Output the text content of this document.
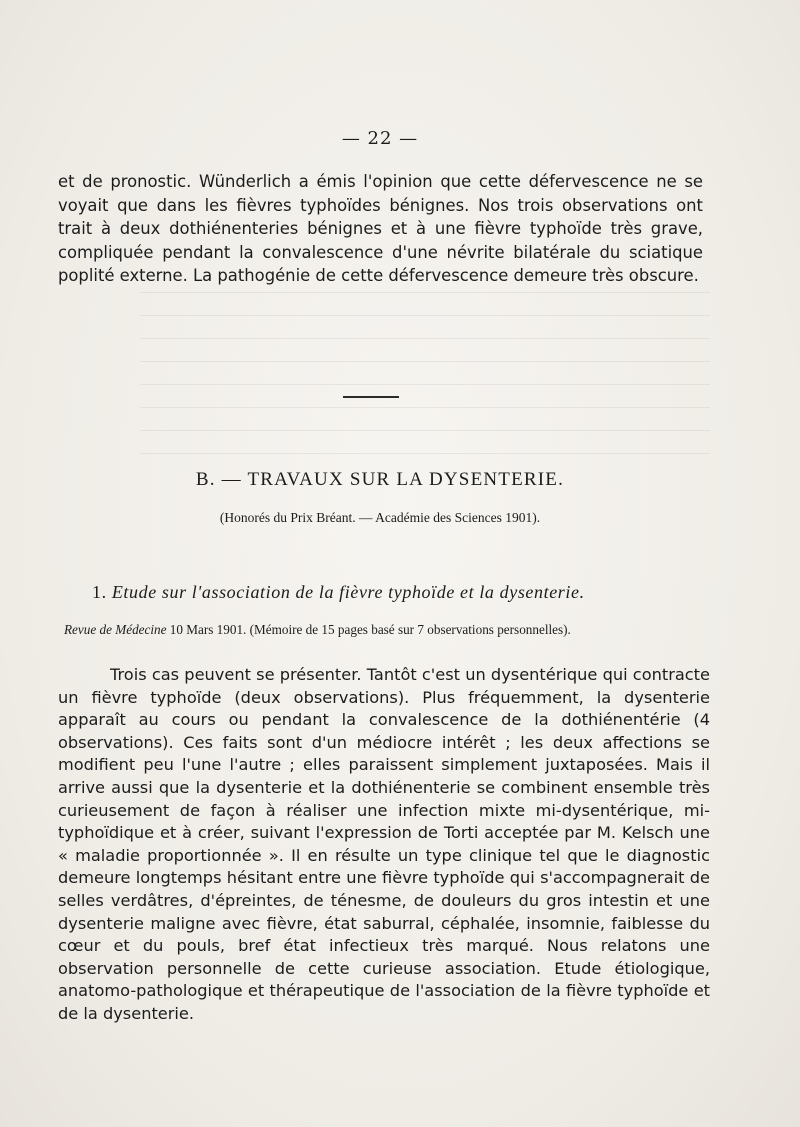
— 22 —

et de pronostic. Wünderlich a émis l'opinion que cette défervescence ne se voyait que dans les fièvres typhoïdes bénignes. Nos trois observations ont trait à deux dothiénenteries bénignes et à une fièvre typhoïde très grave, compliquée pendant la convalescence d'une névrite bilatérale du sciatique poplité externe. La pathogénie de cette défervescence demeure très obscure.

B. — TRAVAUX SUR LA DYSENTERIE.
(Honorés du Prix Bréant. — Académie des Sciences 1901).
1. Etude sur l'association de la fièvre typhoïde et la dysenterie.
Revue de Médecine 10 Mars 1901. (Mémoire de 15 pages basé sur 7 observations personnelles).

Trois cas peuvent se présenter. Tantôt c'est un dysentérique qui contracte un fièvre typhoïde (deux observations). Plus fréquemment, la dysenterie apparaît au cours ou pendant la convalescence de la dothiénentérie (4 observations). Ces faits sont d'un médiocre intérêt ; les deux affections se modifient peu l'une l'autre ; elles paraissent simplement juxtaposées. Mais il arrive aussi que la dysenterie et la dothiénenterie se combinent ensemble très curieusement de façon à réaliser une infection mixte mi-dysentérique, mi-typhoïdique et à créer, suivant l'expression de Torti acceptée par M. Kelsch une « maladie proportionnée ». Il en résulte un type clinique tel que le diagnostic demeure longtemps hésitant entre une fièvre typhoïde qui s'accompagnerait de selles verdâtres, d'épreintes, de ténesme, de douleurs du gros intestin et une dysenterie maligne avec fièvre, état saburral, céphalée, insomnie, faiblesse du cœur et du pouls, bref état infectieux très marqué. Nous relatons une observation personnelle de cette curieuse association. Etude étiologique, anatomo-pathologique et thérapeutique de l'association de la fièvre typhoïde et de la dysenterie.
